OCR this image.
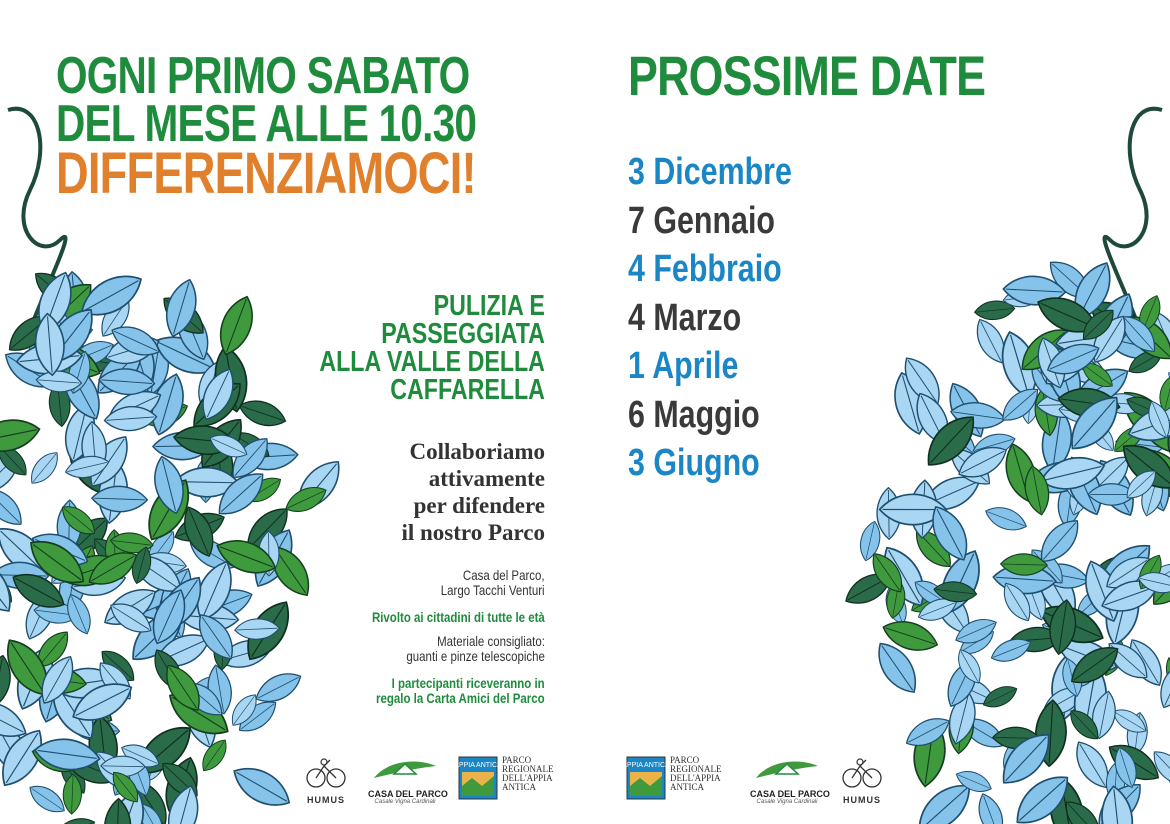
OGNI PRIMO SABATO
DEL MESE ALLE 10.30
DIFFERENZIAMOCI!
PULIZIA E
PASSEGGIATA
ALLA VALLE DELLA
CAFFARELLA
Collaboriamo
attivamente
per difendere
il nostro Parco
Casa del Parco,
Largo Tacchi Venturi
Rivolto ai cittadini di tutte le età
Materiale consigliato:
guanti e pinze telescopiche
I partecipanti riceveranno in
regalo la Carta Amici del Parco
HUMUS
CASA DEL PARCO
Casale Vigna Cardinali
APPIA ANTICA
PARCO
REGIONALE
DELL'APPIA
ANTICA
PROSSIME DATE
3 Dicembre
7 Gennaio
4 Febbraio
4 Marzo
1 Aprile
6 Maggio
3 Giugno
APPIA ANTICA
PARCO
REGIONALE
DELL'APPIA
ANTICA
CASA DEL PARCO
Casale Vigna Cardinali	HUMUS
